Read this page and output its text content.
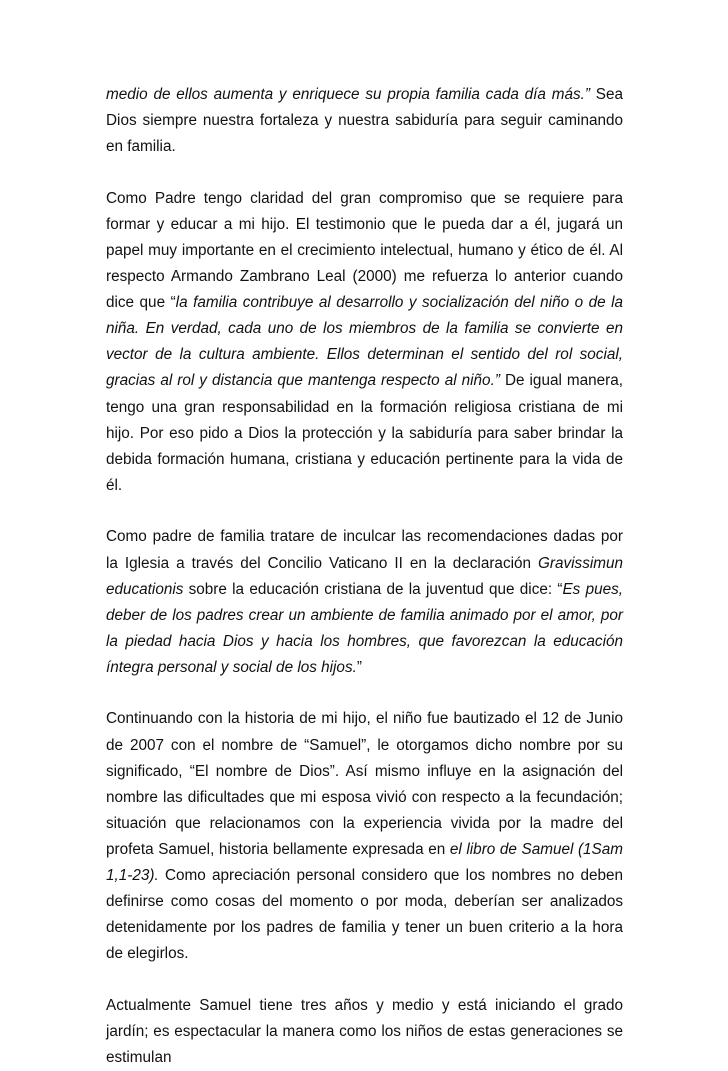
medio de ellos aumenta y enriquece su propia familia cada día más.” Sea Dios siempre nuestra fortaleza y nuestra sabiduría para seguir caminando en familia.

Como Padre tengo claridad del gran compromiso que se requiere para formar y educar a mi hijo. El testimonio que le pueda dar a él, jugará un papel muy importante en el crecimiento intelectual, humano y ético de él. Al respecto Armando Zambrano Leal (2000) me refuerza lo anterior cuando dice que “la familia contribuye al desarrollo y socialización del niño o de la niña. En verdad, cada uno de los miembros de la familia se convierte en vector de la cultura ambiente. Ellos determinan el sentido del rol social, gracias al rol y distancia que mantenga respecto al niño.” De igual manera, tengo una gran responsabilidad en la formación religiosa cristiana de mi hijo. Por eso pido a Dios la protección y la sabiduría para saber brindar la debida formación humana, cristiana y educación pertinente para la vida de él.

Como padre de familia tratare de inculcar las recomendaciones dadas por la Iglesia a través del Concilio Vaticano II en la declaración Gravissimun educationis sobre la educación cristiana de la juventud que dice: “Es pues, deber de los padres crear un ambiente de familia animado por el amor, por la piedad hacia Dios y hacia los hombres, que favorezcan la educación íntegra personal y social de los hijos.”

Continuando con la historia de mi hijo, el niño fue bautizado el 12 de Junio de 2007 con el nombre de “Samuel”, le otorgamos dicho nombre por su significado, “El nombre de Dios”. Así mismo influye en la asignación del nombre las dificultades que mi esposa vivió con respecto a la fecundación; situación que relacionamos con la experiencia vivida por la madre del profeta Samuel, historia bellamente expresada en el libro de Samuel (1Sam 1,1-23). Como apreciación personal considero que los nombres no deben definirse como cosas del momento o por moda, deberían ser analizados detenidamente por los padres de familia y tener un buen criterio a la hora de elegirlos.

Actualmente Samuel tiene tres años y medio y está iniciando el grado jardín; es espectacular la manera como los niños de estas generaciones se estimulan
